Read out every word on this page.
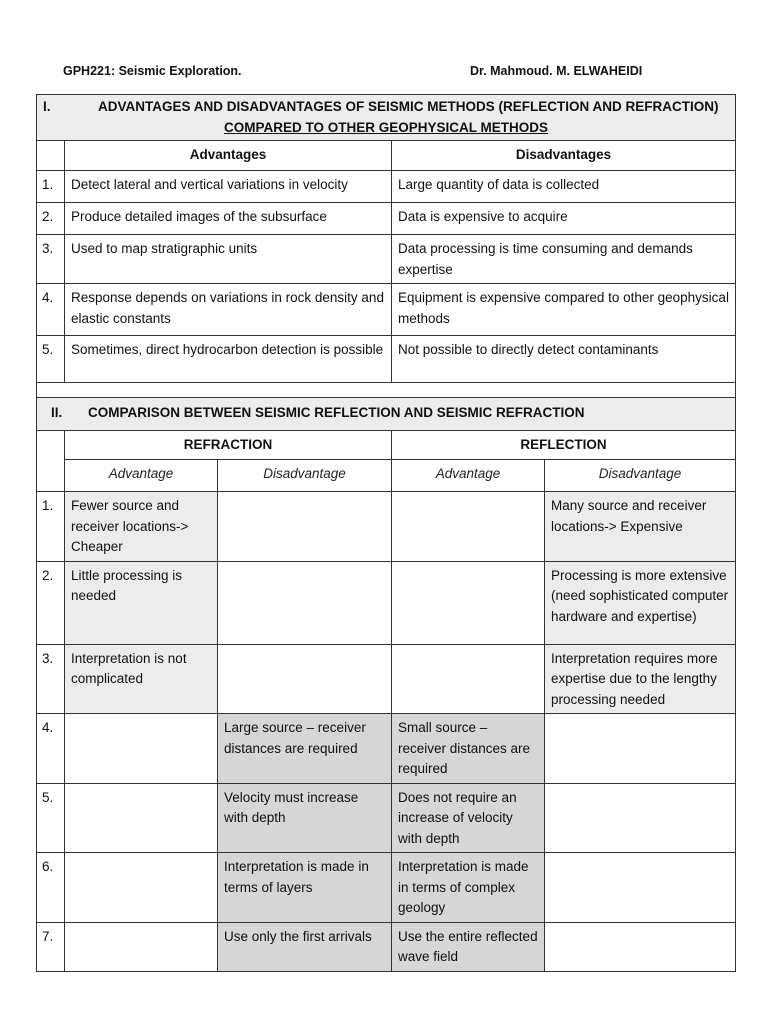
GPH221: Seismic Exploration.	Dr. Mahmoud. M. ELWAHEIDI
I. ADVANTAGES AND DISADVANTAGES OF SEISMIC METHODS (REFLECTION AND REFRACTION)
COMPARED TO OTHER GEOPHYSICAL METHODS		

	Advantages	Disadvantages
1.	Detect lateral and vertical variations in velocity	Large quantity of data is collected
2.	Produce detailed images of the subsurface	Data is expensive to acquire
3.	Used to map stratigraphic units	Data processing is time consuming and demands expertise
4.	Response depends on variations in rock density and elastic constants	Equipment is expensive compared to other geophysical methods
5.	Sometimes, direct hydrocarbon detection is possible	Not possible to directly detect contaminants

II. COMPARISON BETWEEN SEISMIC REFLECTION AND SEISMIC REFRACTION				
	REFRACTION		REFLECTION	
	Advantage	Disadvantage	Advantage	Disadvantage
1.	Fewer source and receiver locations-> Cheaper			Many source and receiver locations-> Expensive
2.	Little processing is needed			Processing is more extensive (need sophisticated computer hardware and expertise)
3.	Interpretation is not complicated			Interpretation requires more expertise due to the lengthy processing needed
4.		Large source – receiver distances are required	Small source – receiver distances are required	
5.		Velocity must increase with depth	Does not require an increase of velocity with depth	
6.		Interpretation is made in terms of layers	Interpretation is made in terms of complex geology	
7.		Use only the first arrivals	Use the entire reflected wave field	
